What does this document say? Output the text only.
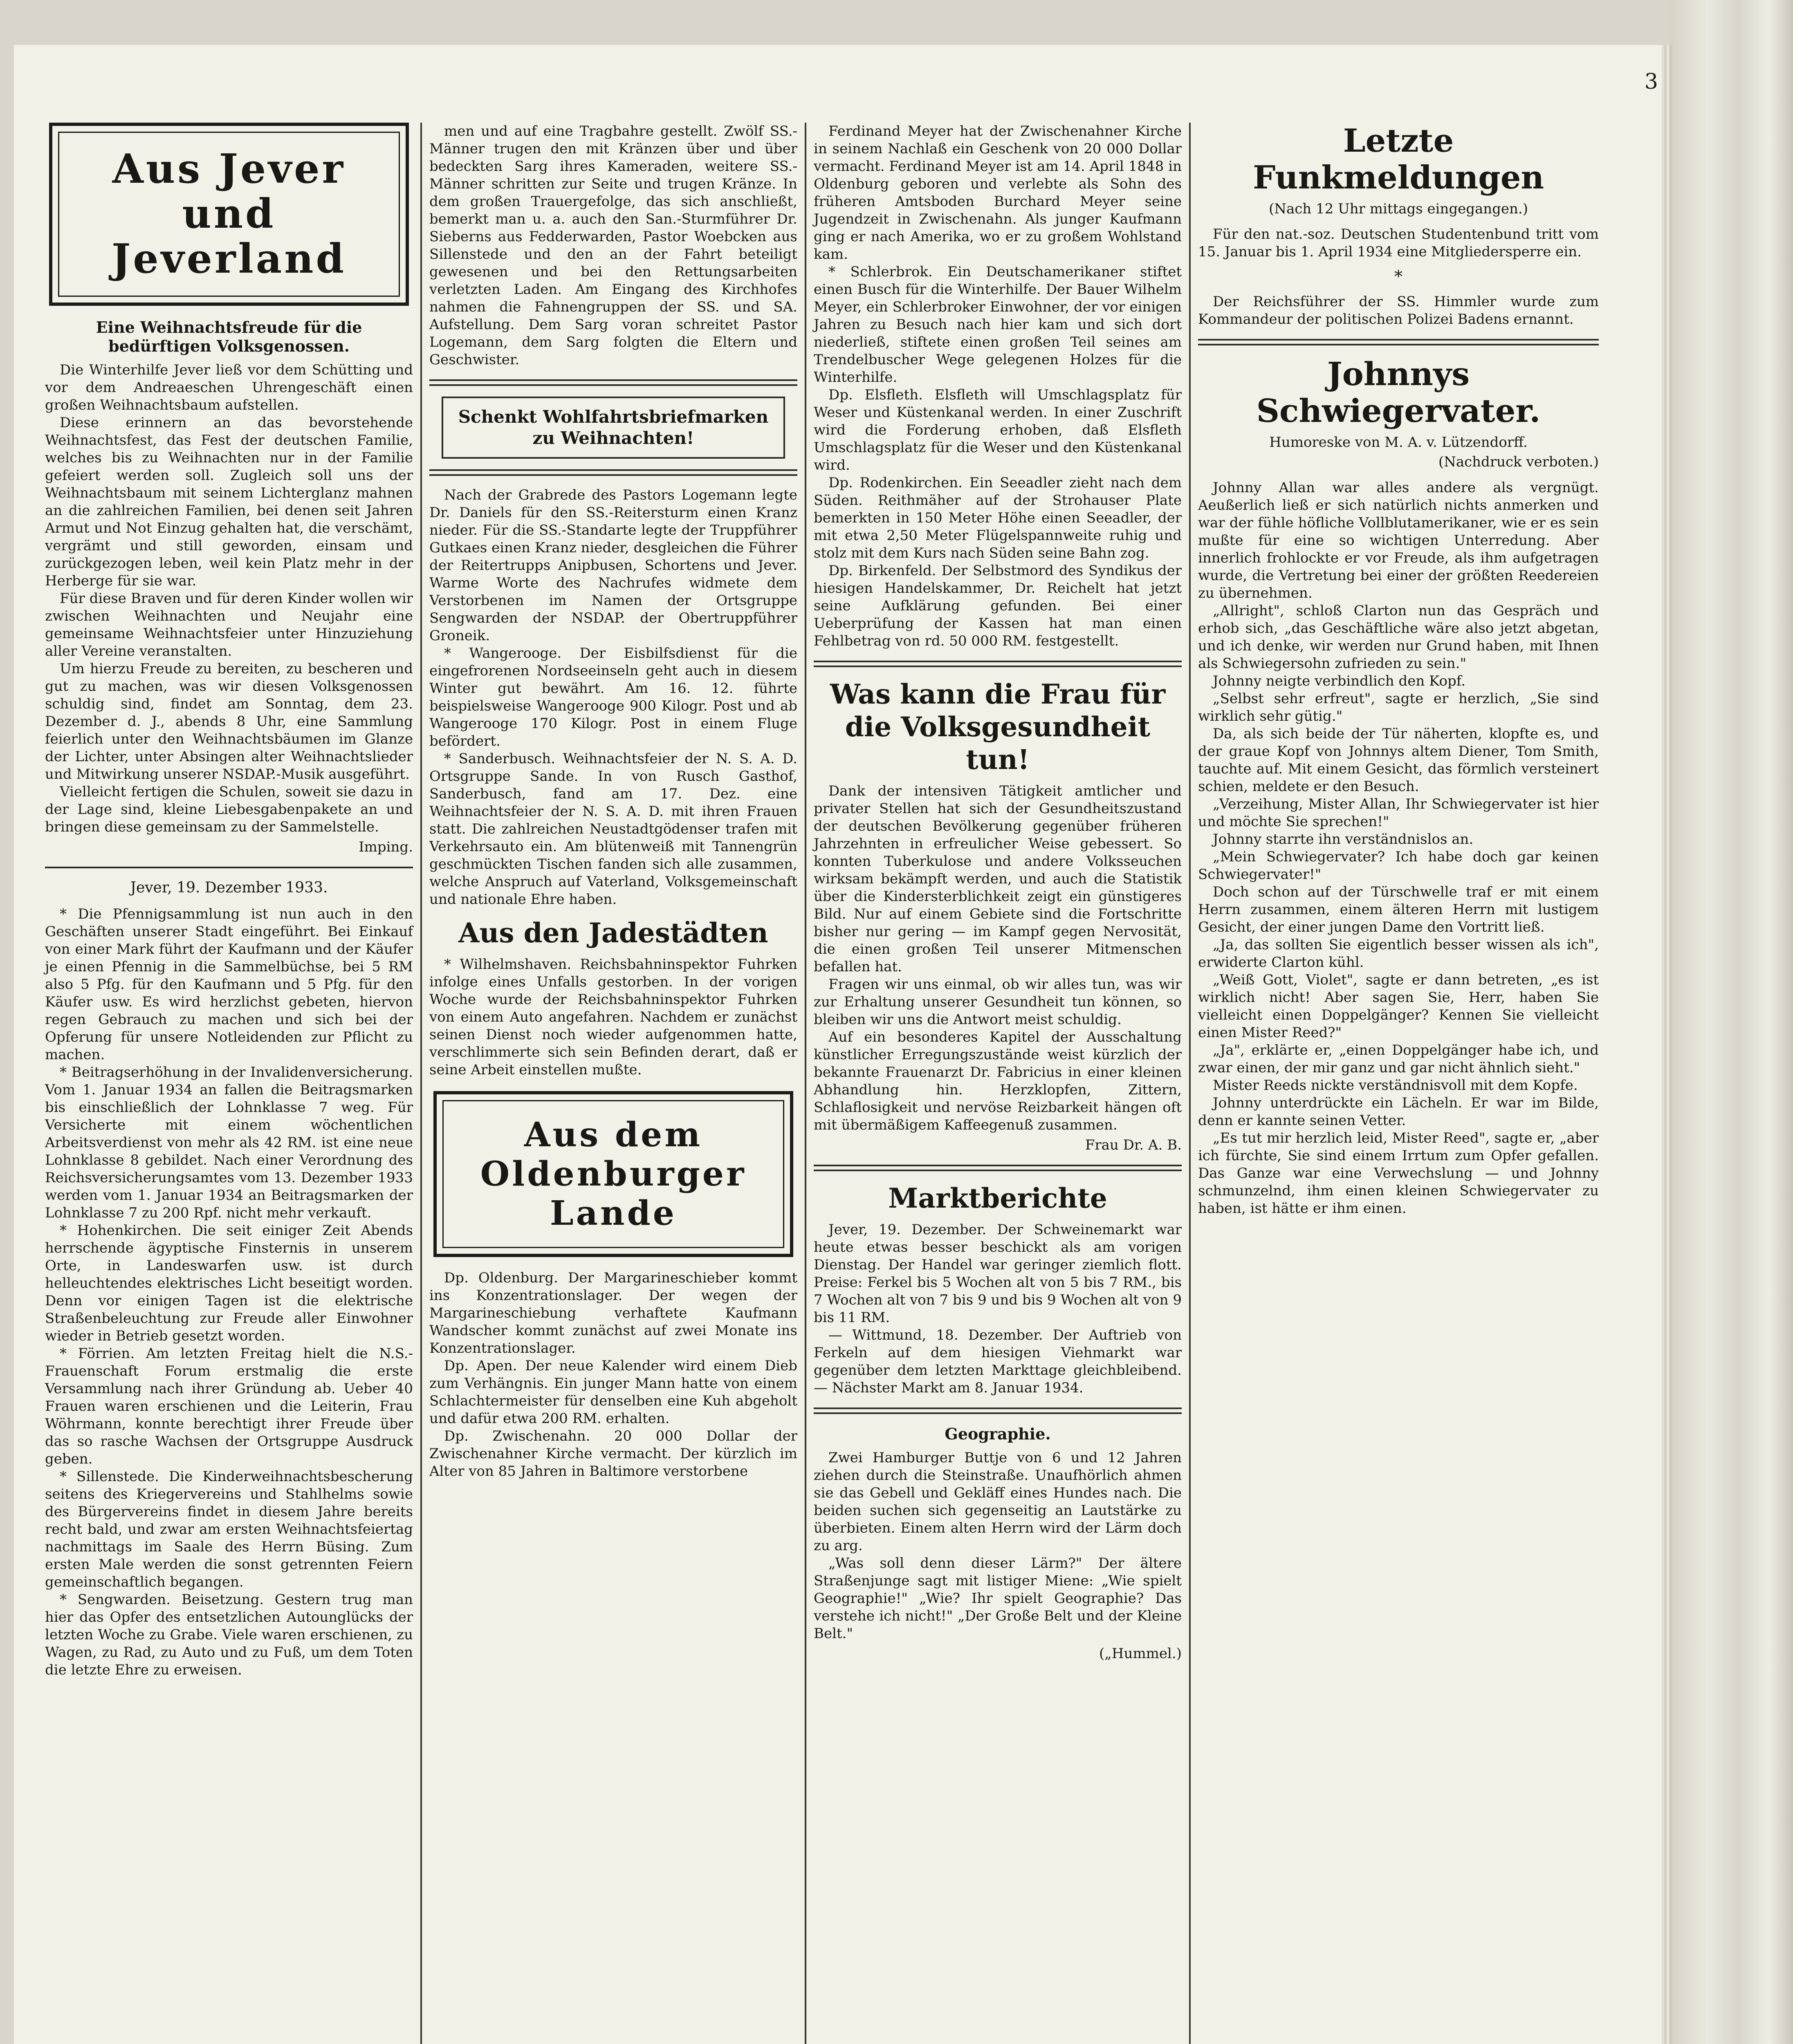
3
Aus Jever und Jeverland
Eine Weihnachtsfreude für die bedürftigen Volksgenossen.

Die Winterhilfe Jever ließ vor dem Schütting und vor dem Andreaeschen Uhrengeschäft einen großen Weihnachtsbaum aufstellen.

Diese erinnern an das bevorstehende Weihnachtsfest, das Fest der deutschen Familie, welches bis zu Weihnachten nur in der Familie gefeiert werden soll. Zugleich soll uns der Weihnachtsbaum mit seinem Lichterglanz mahnen an die zahlreichen Familien, bei denen seit Jahren Armut und Not Einzug gehalten hat, die verschämt, vergrämt und still geworden, einsam und zurückgezogen leben, weil kein Platz mehr in der Herberge für sie war.

Für diese Braven und für deren Kinder wollen wir zwischen Weihnachten und Neujahr eine gemeinsame Weihnachtsfeier unter Hinzuziehung aller Vereine veranstalten.

Um hierzu Freude zu bereiten, zu bescheren und gut zu machen, was wir diesen Volksgenossen schuldig sind, findet am Sonntag, dem 23. Dezember d. J., abends 8 Uhr, eine Sammlung feierlich unter den Weihnachtsbäumen im Glanze der Lichter, unter Absingen alter Weihnachtslieder und Mitwirkung unserer NSDAP.-Musik ausgeführt.

Vielleicht fertigen die Schulen, soweit sie dazu in der Lage sind, kleine Liebesgabenpakete an und bringen diese gemeinsam zu der Sammelstelle.

Imping.
Jever, 19. Dezember 1933.

* Die Pfennigsammlung ist nun auch in den Geschäften unserer Stadt eingeführt. Bei Einkauf von einer Mark führt der Kaufmann und der Käufer je einen Pfennig in die Sammelbüchse, bei 5 RM also 5 Pfg. für den Kaufmann und 5 Pfg. für den Käufer usw. Es wird herzlichst gebeten, hiervon regen Gebrauch zu machen und sich bei der Opferung für unsere Notleidenden zur Pflicht zu machen.

* Beitragserhöhung in der Invalidenversicherung. Vom 1. Januar 1934 an fallen die Beitragsmarken bis einschließlich der Lohnklasse 7 weg. Für Versicherte mit einem wöchentlichen Arbeitsverdienst von mehr als 42 RM. ist eine neue Lohnklasse 8 gebildet. Nach einer Verordnung des Reichsversicherungsamtes vom 13. Dezember 1933 werden vom 1. Januar 1934 an Beitragsmarken der Lohnklasse 7 zu 200 Rpf. nicht mehr verkauft.

* Hohenkirchen. Die seit einiger Zeit Abends herrschende ägyptische Finsternis in unserem Orte, in Landeswarfen usw. ist durch helleuchtendes elektrisches Licht beseitigt worden. Denn vor einigen Tagen ist die elektrische Straßenbeleuchtung zur Freude aller Einwohner wieder in Betrieb gesetzt worden.

* Förrien. Am letzten Freitag hielt die N.S.-Frauenschaft Forum erstmalig die erste Versammlung nach ihrer Gründung ab. Ueber 40 Frauen waren erschienen und die Leiterin, Frau Wöhrmann, konnte berechtigt ihrer Freude über das so rasche Wachsen der Ortsgruppe Ausdruck geben.

* Sillenstede. Die Kinderweihnachtsbescherung seitens des Kriegervereins und Stahlhelms sowie des Bürgervereins findet in diesem Jahre bereits recht bald, und zwar am ersten Weihnachtsfeiertag nachmittags im Saale des Herrn Büsing. Zum ersten Male werden die sonst getrennten Feiern gemeinschaftlich begangen.

* Sengwarden. Beisetzung. Gestern trug man hier das Opfer des entsetzlichen Autounglücks der letzten Woche zu Grabe. Viele waren erschienen, zu Wagen, zu Rad, zu Auto und zu Fuß, um dem Toten die letzte Ehre zu erweisen.

men und auf eine Tragbahre gestellt. Zwölf SS.-Männer trugen den mit Kränzen über und über bedeckten Sarg ihres Kameraden, weitere SS.-Männer schritten zur Seite und trugen Kränze. In dem großen Trauergefolge, das sich anschließt, bemerkt man u. a. auch den San.-Sturmführer Dr. Sieberns aus Fedderwarden, Pastor Woebcken aus Sillenstede und den an der Fahrt beteiligt gewesenen und bei den Rettungsarbeiten verletzten Laden. Am Eingang des Kirchhofes nahmen die Fahnengruppen der SS. und SA. Aufstellung. Dem Sarg voran schreitet Pastor Logemann, dem Sarg folgten die Eltern und Geschwister.

Schenkt Wohlfahrtsbriefmarken zu Weihnachten!

Nach der Grabrede des Pastors Logemann legte Dr. Daniels für den SS.-Reitersturm einen Kranz nieder. Für die SS.-Standarte legte der Truppführer Gutkaes einen Kranz nieder, desgleichen die Führer der Reitertrupps Anipbusen, Schortens und Jever. Warme Worte des Nachrufes widmete dem Verstorbenen im Namen der Ortsgruppe Sengwarden der NSDAP. der Obertruppführer Groneik.

* Wangerooge. Der Eisbilfsdienst für die eingefrorenen Nordseeinseln geht auch in diesem Winter gut bewährt. Am 16. 12. führte beispielsweise Wangerooge 900 Kilogr. Post und ab Wangerooge 170 Kilogr. Post in einem Fluge befördert.

* Sanderbusch. Weihnachtsfeier der N. S. A. D. Ortsgruppe Sande. In von Rusch Gasthof, Sanderbusch, fand am 17. Dez. eine Weihnachtsfeier der N. S. A. D. mit ihren Frauen statt. Die zahlreichen Neustadtgödenser trafen mit Verkehrsauto ein. Am blütenweiß mit Tannengrün geschmückten Tischen fanden sich alle zusammen, welche Anspruch auf Vaterland, Volksgemeinschaft und nationale Ehre haben.

Aus den Jadestädten

* Wilhelmshaven. Reichsbahninspektor Fuhrken infolge eines Unfalls gestorben. In der vorigen Woche wurde der Reichsbahninspektor Fuhrken von einem Auto angefahren. Nachdem er zunächst seinen Dienst noch wieder aufgenommen hatte, verschlimmerte sich sein Befinden derart, daß er seine Arbeit einstellen mußte.

Aus dem Oldenburger Lande

Dp. Oldenburg. Der Margarineschieber kommt ins Konzentrationslager. Der wegen der Margarineschiebung verhaftete Kaufmann Wandscher kommt zunächst auf zwei Monate ins Konzentrationslager.

Dp. Apen. Der neue Kalender wird einem Dieb zum Verhängnis. Ein junger Mann hatte von einem Schlachtermeister für denselben eine Kuh abgeholt und dafür etwa 200 RM. erhalten.

Dp. Zwischenahn. 20 000 Dollar der Zwischenahner Kirche vermacht. Der kürzlich im Alter von 85 Jahren in Baltimore verstorbene

Ferdinand Meyer hat der Zwischenahner Kirche in seinem Nachlaß ein Geschenk von 20 000 Dollar vermacht. Ferdinand Meyer ist am 14. April 1848 in Oldenburg geboren und verlebte als Sohn des früheren Amtsboden Burchard Meyer seine Jugendzeit in Zwischenahn. Als junger Kaufmann ging er nach Amerika, wo er zu großem Wohlstand kam.

* Schlerbrok. Ein Deutschamerikaner stiftet einen Busch für die Winterhilfe. Der Bauer Wilhelm Meyer, ein Schlerbroker Einwohner, der vor einigen Jahren zu Besuch nach hier kam und sich dort niederließ, stiftete einen großen Teil seines am Trendelbuscher Wege gelegenen Holzes für die Winterhilfe.

Dp. Elsfleth. Elsfleth will Umschlagsplatz für Weser und Küstenkanal werden. In einer Zuschrift wird die Forderung erhoben, daß Elsfleth Umschlagsplatz für die Weser und den Küstenkanal wird.

Dp. Rodenkirchen. Ein Seeadler zieht nach dem Süden. Reithmäher auf der Strohauser Plate bemerkten in 150 Meter Höhe einen Seeadler, der mit etwa 2,50 Meter Flügelspannweite ruhig und stolz mit dem Kurs nach Süden seine Bahn zog.

Dp. Birkenfeld. Der Selbstmord des Syndikus der hiesigen Handelskammer, Dr. Reichelt hat jetzt seine Aufklärung gefunden. Bei einer Ueberprüfung der Kassen hat man einen Fehlbetrag von rd. 50 000 RM. festgestellt.

Was kann die Frau für die Volksgesundheit tun!

Dank der intensiven Tätigkeit amtlicher und privater Stellen hat sich der Gesundheitszustand der deutschen Bevölkerung gegenüber früheren Jahrzehnten in erfreulicher Weise gebessert. So konnten Tuberkulose und andere Volksseuchen wirksam bekämpft werden, und auch die Statistik über die Kindersterblichkeit zeigt ein günstigeres Bild. Nur auf einem Gebiete sind die Fortschritte bisher nur gering — im Kampf gegen Nervosität, die einen großen Teil unserer Mitmenschen befallen hat.

Fragen wir uns einmal, ob wir alles tun, was wir zur Erhaltung unserer Gesundheit tun können, so bleiben wir uns die Antwort meist schuldig.

Auf ein besonderes Kapitel der Ausschaltung künstlicher Erregungszustände weist kürzlich der bekannte Frauenarzt Dr. Fabricius in einer kleinen Abhandlung hin. Herzklopfen, Zittern, Schlaflosigkeit und nervöse Reizbarkeit hängen oft mit übermäßigem Kaffeegenuß zusammen.

Frau Dr. A. B.
Marktberichte

Jever, 19. Dezember. Der Schweinemarkt war heute etwas besser beschickt als am vorigen Dienstag. Der Handel war geringer ziemlich flott. Preise: Ferkel bis 5 Wochen alt von 5 bis 7 RM., bis 7 Wochen alt von 7 bis 9 und bis 9 Wochen alt von 9 bis 11 RM.

— Wittmund, 18. Dezember. Der Auftrieb von Ferkeln auf dem hiesigen Viehmarkt war gegenüber dem letzten Markttage gleichbleibend. — Nächster Markt am 8. Januar 1934.

Geographie.

Zwei Hamburger Buttje von 6 und 12 Jahren ziehen durch die Steinstraße. Unaufhörlich ahmen sie das Gebell und Gekläff eines Hundes nach. Die beiden suchen sich gegenseitig an Lautstärke zu überbieten. Einem alten Herrn wird der Lärm doch zu arg.

„Was soll denn dieser Lärm?" Der ältere Straßenjunge sagt mit listiger Miene: „Wie spielt Geographie!" „Wie? Ihr spielt Geographie? Das verstehe ich nicht!" „Der Große Belt und der Kleine Belt."

(„Hummel.)
Letzte Funkmeldungen
(Nach 12 Uhr mittags eingegangen.)

Für den nat.-soz. Deutschen Studentenbund tritt vom 15. Januar bis 1. April 1934 eine Mitgliedersperre ein.

*

Der Reichsführer der SS. Himmler wurde zum Kommandeur der politischen Polizei Badens ernannt.

Johnnys Schwiegervater.
Humoreske von M. A. v. Lützendorff.
(Nachdruck verboten.)

Johnny Allan war alles andere als vergnügt. Aeußerlich ließ er sich natürlich nichts anmerken und war der fühle höfliche Vollblutamerikaner, wie er es sein mußte für eine so wichtigen Unterredung. Aber innerlich frohlockte er vor Freude, als ihm aufgetragen wurde, die Vertretung bei einer der größten Reedereien zu übernehmen.

„Allright", schloß Clarton nun das Gespräch und erhob sich, „das Geschäftliche wäre also jetzt abgetan, und ich denke, wir werden nur Grund haben, mit Ihnen als Schwiegersohn zufrieden zu sein."

Johnny neigte verbindlich den Kopf.

„Selbst sehr erfreut", sagte er herzlich, „Sie sind wirklich sehr gütig."

Da, als sich beide der Tür näherten, klopfte es, und der graue Kopf von Johnnys altem Diener, Tom Smith, tauchte auf. Mit einem Gesicht, das förmlich versteinert schien, meldete er den Besuch.

„Verzeihung, Mister Allan, Ihr Schwiegervater ist hier und möchte Sie sprechen!"

Johnny starrte ihn verständnislos an.

„Mein Schwiegervater? Ich habe doch gar keinen Schwiegervater!"

Doch schon auf der Türschwelle traf er mit einem Herrn zusammen, einem älteren Herrn mit lustigem Gesicht, der einer jungen Dame den Vortritt ließ.

„Ja, das sollten Sie eigentlich besser wissen als ich", erwiderte Clarton kühl.

„Weiß Gott, Violet", sagte er dann betreten, „es ist wirklich nicht! Aber sagen Sie, Herr, haben Sie vielleicht einen Doppelgänger? Kennen Sie vielleicht einen Mister Reed?"

„Ja", erklärte er, „einen Doppelgänger habe ich, und zwar einen, der mir ganz und gar nicht ähnlich sieht."

Mister Reeds nickte verständnisvoll mit dem Kopfe.

Johnny unterdrückte ein Lächeln. Er war im Bilde, denn er kannte seinen Vetter.

„Es tut mir herzlich leid, Mister Reed", sagte er, „aber ich fürchte, Sie sind einem Irrtum zum Opfer gefallen. Das Ganze war eine Verwechslung — und Johnny schmunzelnd, ihm einen kleinen Schwiegervater zu haben, ist hätte er ihm einen.
